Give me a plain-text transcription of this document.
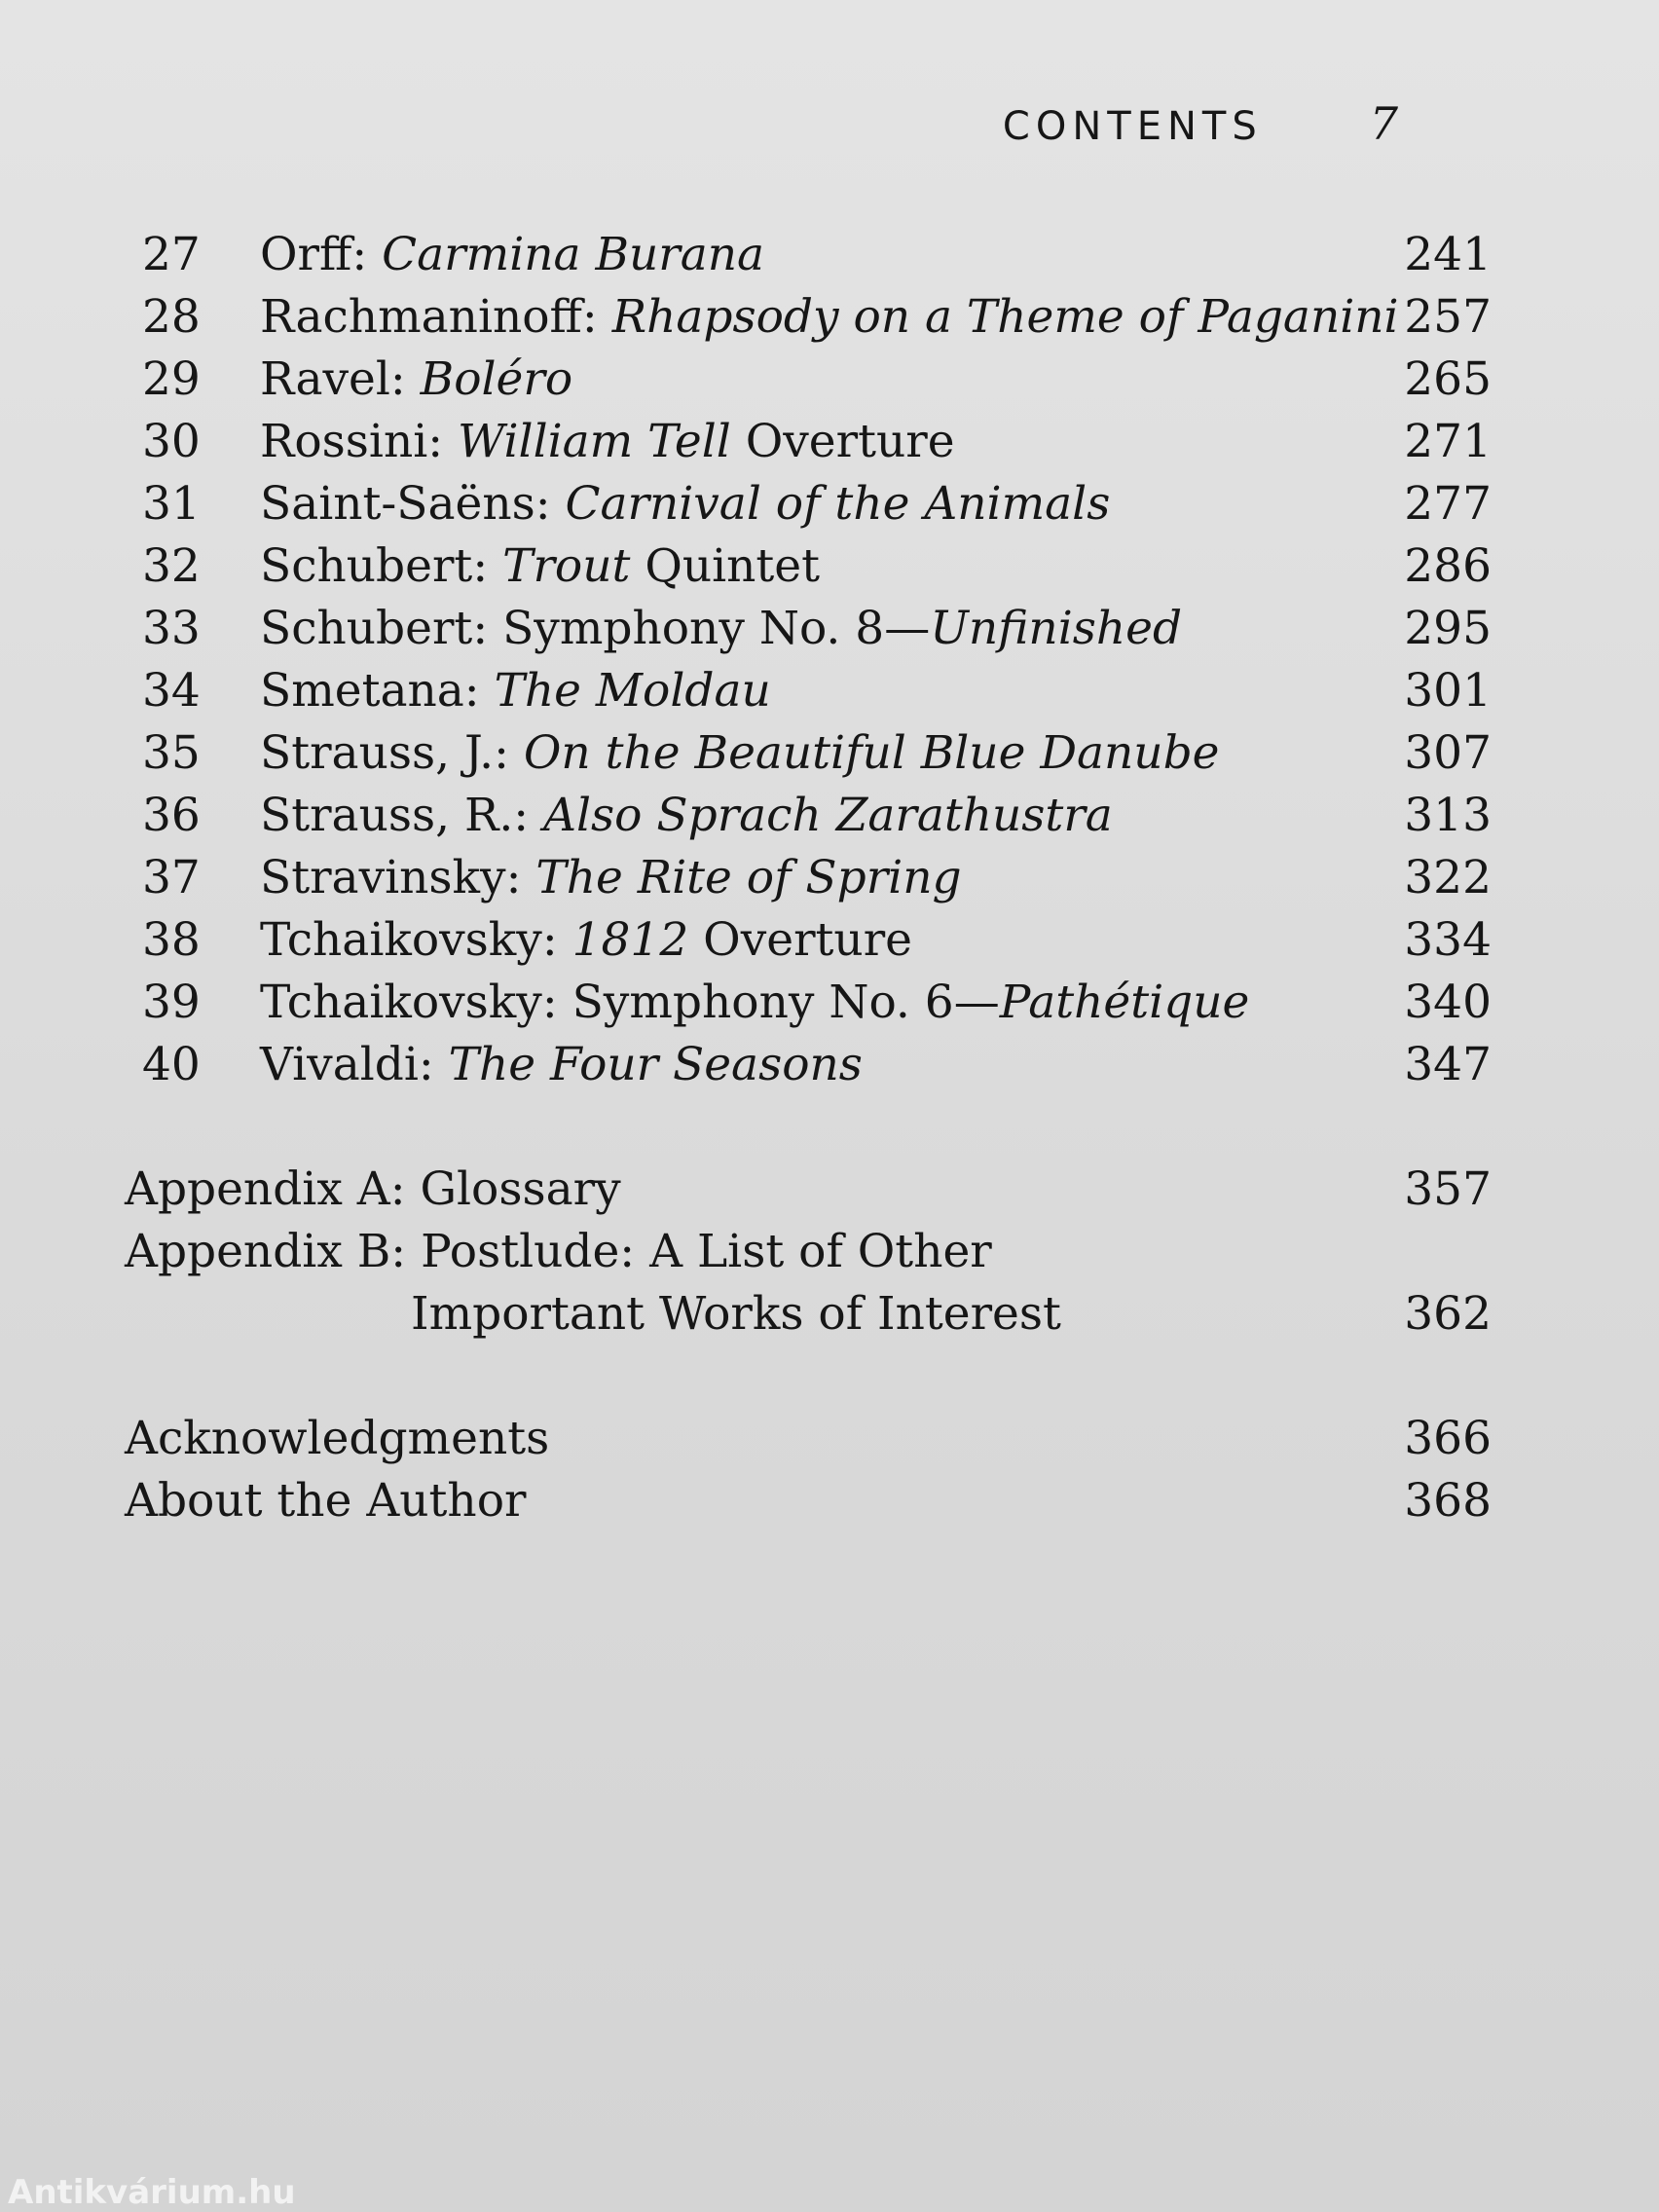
CONTENTS 7
27	Orff: Carmina Burana	241
28	Rachmaninoff: Rhapsody on a Theme of Paganini 257
29	Ravel: Boléro	265
30	Rossini: William Tell Overture	271
31	Saint-Saëns: Carnival of the Animals	277
32	Schubert: Trout Quintet	286
33	Schubert: Symphony No. 8—Unfinished	295
34	Smetana: The Moldau	301
35	Strauss, J.: On the Beautiful Blue Danube	307
36	Strauss, R.: Also Sprach Zarathustra	313
37	Stravinsky: The Rite of Spring	322
38	Tchaikovsky: 1812 Overture	334
39	Tchaikovsky: Symphony No. 6—Pathétique	340
40	Vivaldi: The Four Seasons	347
Appendix A: Glossary	357
Appendix B: Postlude: A List of Other
Important Works of Interest	362
Acknowledgments	366
About the Author	368
Antikvárium.hu
